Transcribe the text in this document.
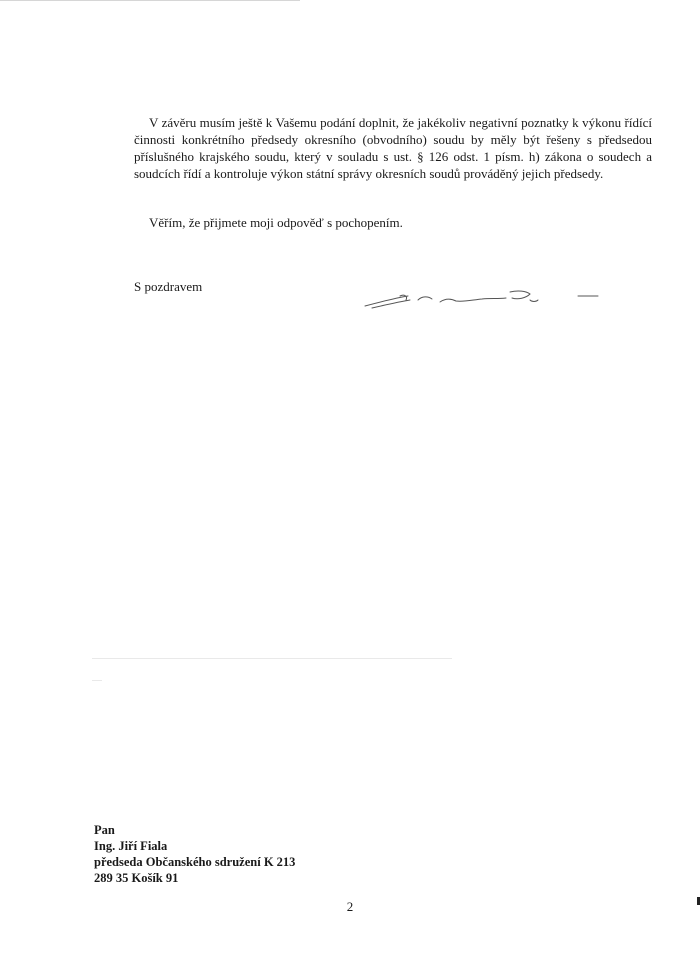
V závěru musím ještě k Vašemu podání doplnit, že jakékoliv negativní poznatky k výkonu řídící činnosti konkrétního předsedy okresního (obvodního) soudu by měly být řešeny s předsedou příslušného krajského soudu, který v souladu s ust. § 126 odst. 1 písm. h) zákona o soudech a soudcích řídí a kontroluje výkon státní správy okresních soudů prováděný jejich předsedy.

Věřím, že přijmete moji odpověď s pochopením.

S pozdravem

Pan
Ing. Jiří Fiala
předseda Občanského sdružení K 213
289 35 Košík 91

2
